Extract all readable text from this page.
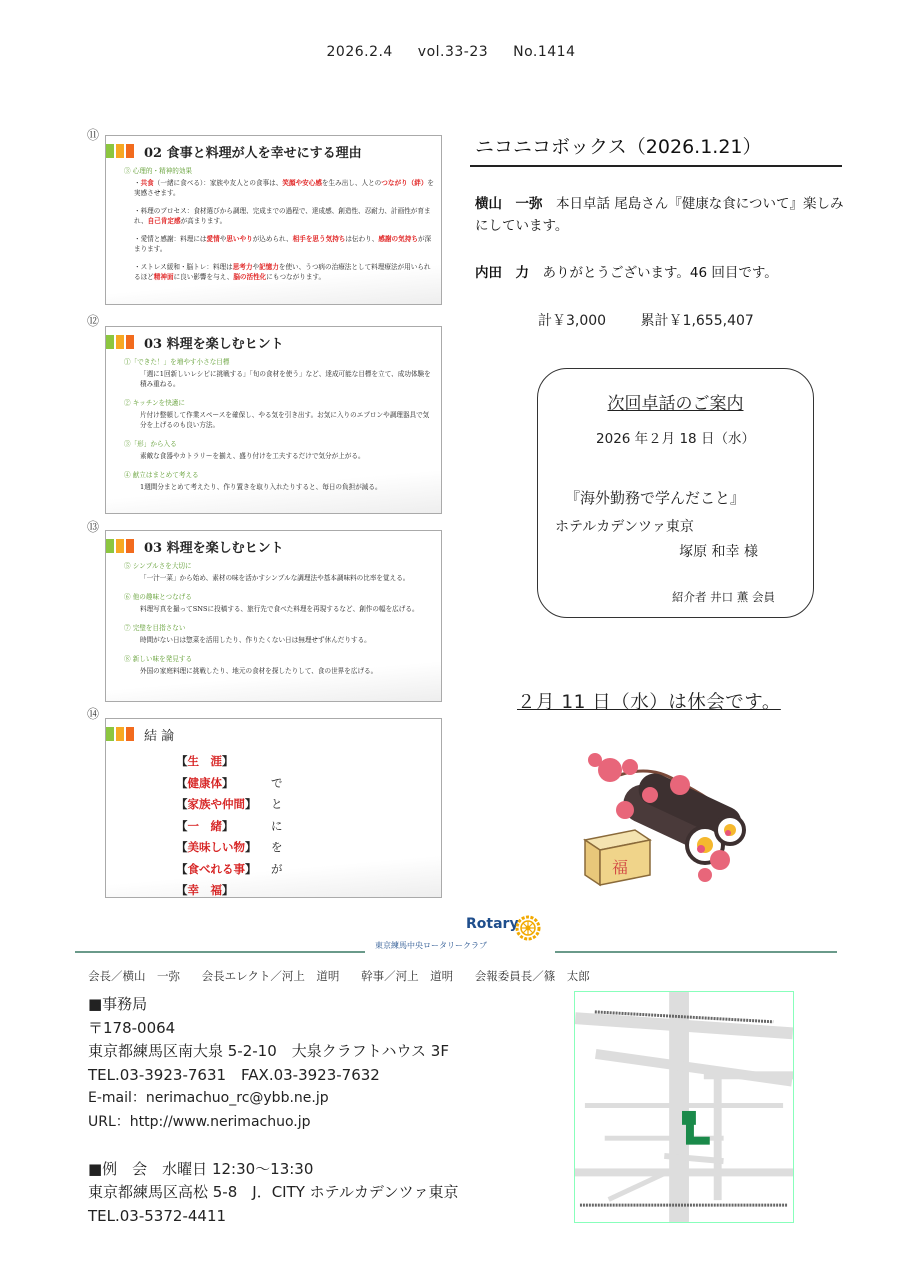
2026.2.4 vol.33-23 No.1414
⑪
02 食事と料理が人を幸せにする理由
③ 心理的・精神的効果
・共食（一緒に食べる）：家族や友人との食事は、笑顔や安心感を生み出し、人とのつながり（絆）を実感させます。
・料理のプロセス：食材選びから調理、完成までの過程で、達成感、創造性、忍耐力、計画性が育まれ、自己肯定感が高まります。
・愛情と感謝：料理には愛情や思いやりが込められ、相手を思う気持ちは伝わり、感謝の気持ちが深まります。
・ストレス緩和・脳トレ：料理は思考力や記憶力を使い、うつ病の治療法として料理療法が用いられるほど精神面に良い影響を与え、脳の活性化にもつながります。
⑫
03 料理を楽しむヒント
①「できた！」を増やす小さな目標
「週に1回新しいレシピに挑戦する」「旬の食材を使う」など、達成可能な目標を立て、成功体験を積み重ねる。
② キッチンを快適に
片付け整頓して作業スペースを確保し、やる気を引き出す。お気に入りのエプロンや調理器具で気分を上げるのも良い方法。
③「形」から入る
素敵な食器やカトラリーを揃え、盛り付けを工夫するだけで気分が上がる。
④ 献立はまとめて考える
1週間分まとめて考えたり、作り置きを取り入れたりすると、毎日の負担が減る。
⑬
03 料理を楽しむヒント
⑤ シンプルさを大切に
「一汁一菜」から始め、素材の味を活かすシンプルな調理法や基本調味料の比率を覚える。
⑥ 他の趣味とつなげる
料理写真を撮ってSNSに投稿する、旅行先で食べた料理を再現するなど、創作の幅を広げる。
⑦ 完璧を目指さない
時間がない日は惣菜を活用したり、作りたくない日は無理せず休んだりする。
⑧ 新しい味を発見する
外国の家庭料理に挑戦したり、地元の食材を探したりして、食の世界を広げる。
⑭
結 論
【生　涯】
【健康体】	で
【家族や仲間】	と
【一　緒】	に
【美味しい物】	を
【食べれる事】	が
【幸　福】
ニコニコボックス（2026.1.21）
横山　一弥　 本日卓話 尾島さん『健康な食について』楽しみにしています。
内田　力　 ありがとうございます。46 回目です。
計￥3,000 累計￥1,655,407
次回卓話のご案内
2026 年２月 18 日（水）
『海外勤務で学んだこと』
ホテルカデンツァ東京
塚原 和幸 様
紹介者 井口 薫 会員
２月 11 日（水）は休会です。
福
Rotary
東京練馬中央ロータリークラブ
会長／横山　一弥 会長エレクト／河上　道明 幹事／河上　道明 会報委員長／篠　太郎
■事務局
〒178-0064
東京都練馬区南大泉 5-2-10　大泉クラフトハウス 3F
TEL.03-3923-7631　FAX.03-3923-7632
E-mail：nerimachuo_rc@ybb.ne.jp
URL：http://www.nerimachuo.jp
■例　会　水曜日 12:30～13:30
東京都練馬区高松 5-8　J．CITY ホテルカデンツァ東京
TEL.03-5372-4411
